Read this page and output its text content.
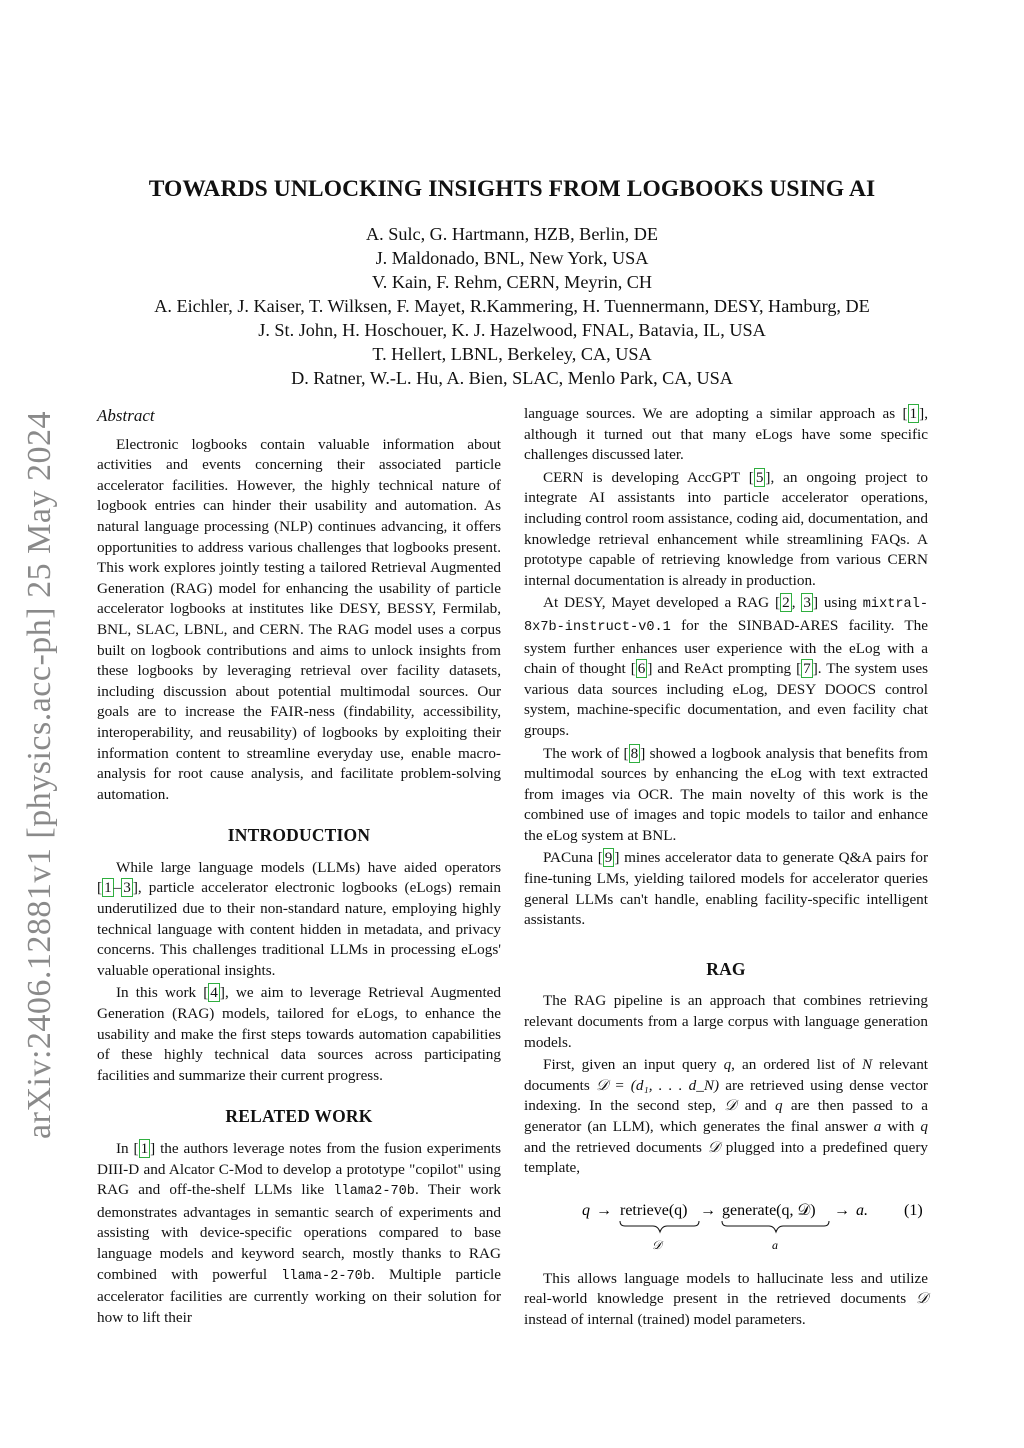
arXiv:2406.12881v1 [physics.acc-ph] 25 May 2024
TOWARDS UNLOCKING INSIGHTS FROM LOGBOOKS USING AI
A. Sulc, G. Hartmann, HZB, Berlin, DE
J. Maldonado, BNL, New York, USA
V. Kain, F. Rehm, CERN, Meyrin, CH
A. Eichler, J. Kaiser, T. Wilksen, F. Mayet, R.Kammering, H. Tuennermann, DESY, Hamburg, DE
J. St. John, H. Hoschouer, K. J. Hazelwood, FNAL, Batavia, IL, USA
T. Hellert, LBNL, Berkeley, CA, USA
D. Ratner, W.-L. Hu, A. Bien, SLAC, Menlo Park, CA, USA
Abstract

Electronic logbooks contain valuable information about activities and events concerning their associated particle accelerator facilities. However, the highly technical nature of logbook entries can hinder their usability and automation. As natural language processing (NLP) continues advancing, it offers opportunities to address various challenges that logbooks present. This work explores jointly testing a tailored Retrieval Augmented Generation (RAG) model for enhancing the usability of particle accelerator logbooks at institutes like DESY, BESSY, Fermilab, BNL, SLAC, LBNL, and CERN. The RAG model uses a corpus built on logbook contributions and aims to unlock insights from these logbooks by leveraging retrieval over facility datasets, including discussion about potential multimodal sources. Our goals are to increase the FAIR-ness (findability, accessibility, interoperability, and reusability) of logbooks by exploiting their information content to streamline everyday use, enable macro-analysis for root cause analysis, and facilitate problem-solving automation.

INTRODUCTION

While large language models (LLMs) have aided operators [ 1 – 3 ], particle accelerator electronic logbooks (eLogs) remain underutilized due to their non-standard nature, employing highly technical language with content hidden in metadata, and privacy concerns. This challenges traditional LLMs in processing eLogs' valuable operational insights.

In this work [ 4 ], we aim to leverage Retrieval Augmented Generation (RAG) models, tailored for eLogs, to enhance the usability and make the first steps towards automation capabilities of these highly technical data sources across participating facilities and summarize their current progress.

RELATED WORK

In [ 1 ] the authors leverage notes from the fusion experiments DIII-D and Alcator C-Mod to develop a prototype "copilot" using RAG and off-the-shelf LLMs like llama2-70b. Their work demonstrates advantages in semantic search of experiments and assisting with device-specific operations compared to base language models and keyword search, mostly thanks to RAG combined with powerful llama-2-70b. Multiple particle accelerator facilities are currently working on their solution for how to lift their

language sources. We are adopting a similar approach as [ 1 ], although it turned out that many eLogs have some specific challenges discussed later.

CERN is developing AccGPT [ 5 ], an ongoing project to integrate AI assistants into particle accelerator operations, including control room assistance, coding aid, documentation, and knowledge retrieval enhancement while streamlining FAQs. A prototype capable of retrieving knowledge from various CERN internal documentation is already in production.

At DESY, Mayet developed a RAG [ 2 , 3 ] using mixtral-8x7b-instruct-v0.1 for the SINBAD-ARES facility. The system further enhances user experience with the eLog with a chain of thought [ 6 ] and ReAct prompting [ 7 ]. The system uses various data sources including eLog, DESY DOOCS control system, machine-specific documentation, and even facility chat groups.

The work of [ 8 ] showed a logbook analysis that benefits from multimodal sources by enhancing the eLog with text extracted from images via OCR. The main novelty of this work is the combined use of images and topic models to tailor and enhance the eLog system at BNL.

PACuna [ 9 ] mines accelerator data to generate Q&A pairs for fine-tuning LMs, yielding tailored models for accelerator queries general LLMs can't handle, enabling facility-specific intelligent assistants.

RAG

The RAG pipeline is an approach that combines retrieving relevant documents from a large corpus with language generation models.

First, given an input query q, an ordered list of N relevant documents 𝒟 = (d₁, . . . d_N) are retrieved using dense vector indexing. In the second step, 𝒟 and q are then passed to a generator (an LLM), which generates the final answer a with q and the retrieved documents 𝒟 plugged into a predefined query template,

q → retrieve(q)
𝒟
→ generate(q, 𝒟)
a
→ a. (1)

This allows language models to hallucinate less and utilize real-world knowledge present in the retrieved documents 𝒟 instead of internal (trained) model parameters.
